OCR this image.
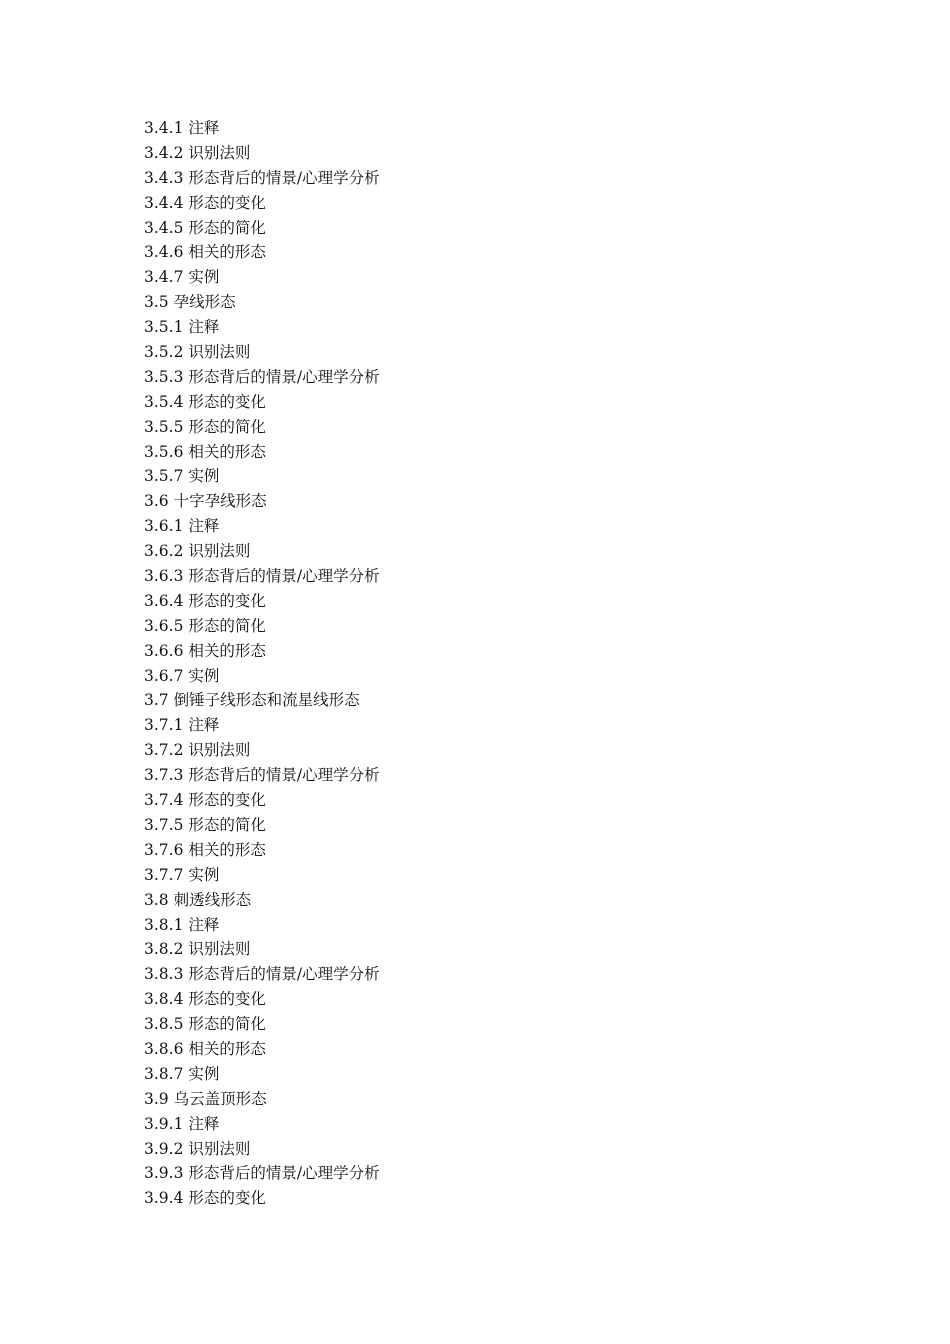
3.4.1 注释
3.4.2 识别法则
3.4.3 形态背后的情景/心理学分析
3.4.4 形态的变化
3.4.5 形态的简化
3.4.6 相关的形态
3.4.7 实例
3.5 孕线形态
3.5.1 注释
3.5.2 识别法则
3.5.3 形态背后的情景/心理学分析
3.5.4 形态的变化
3.5.5 形态的简化
3.5.6 相关的形态
3.5.7 实例
3.6 十字孕线形态
3.6.1 注释
3.6.2 识别法则
3.6.3 形态背后的情景/心理学分析
3.6.4 形态的变化
3.6.5 形态的简化
3.6.6 相关的形态
3.6.7 实例
3.7 倒锤子线形态和流星线形态
3.7.1 注释
3.7.2 识别法则
3.7.3 形态背后的情景/心理学分析
3.7.4 形态的变化
3.7.5 形态的简化
3.7.6 相关的形态
3.7.7 实例
3.8 刺透线形态
3.8.1 注释
3.8.2 识别法则
3.8.3 形态背后的情景/心理学分析
3.8.4 形态的变化
3.8.5 形态的简化
3.8.6 相关的形态
3.8.7 实例
3.9 乌云盖顶形态
3.9.1 注释
3.9.2 识别法则
3.9.3 形态背后的情景/心理学分析
3.9.4 形态的变化
